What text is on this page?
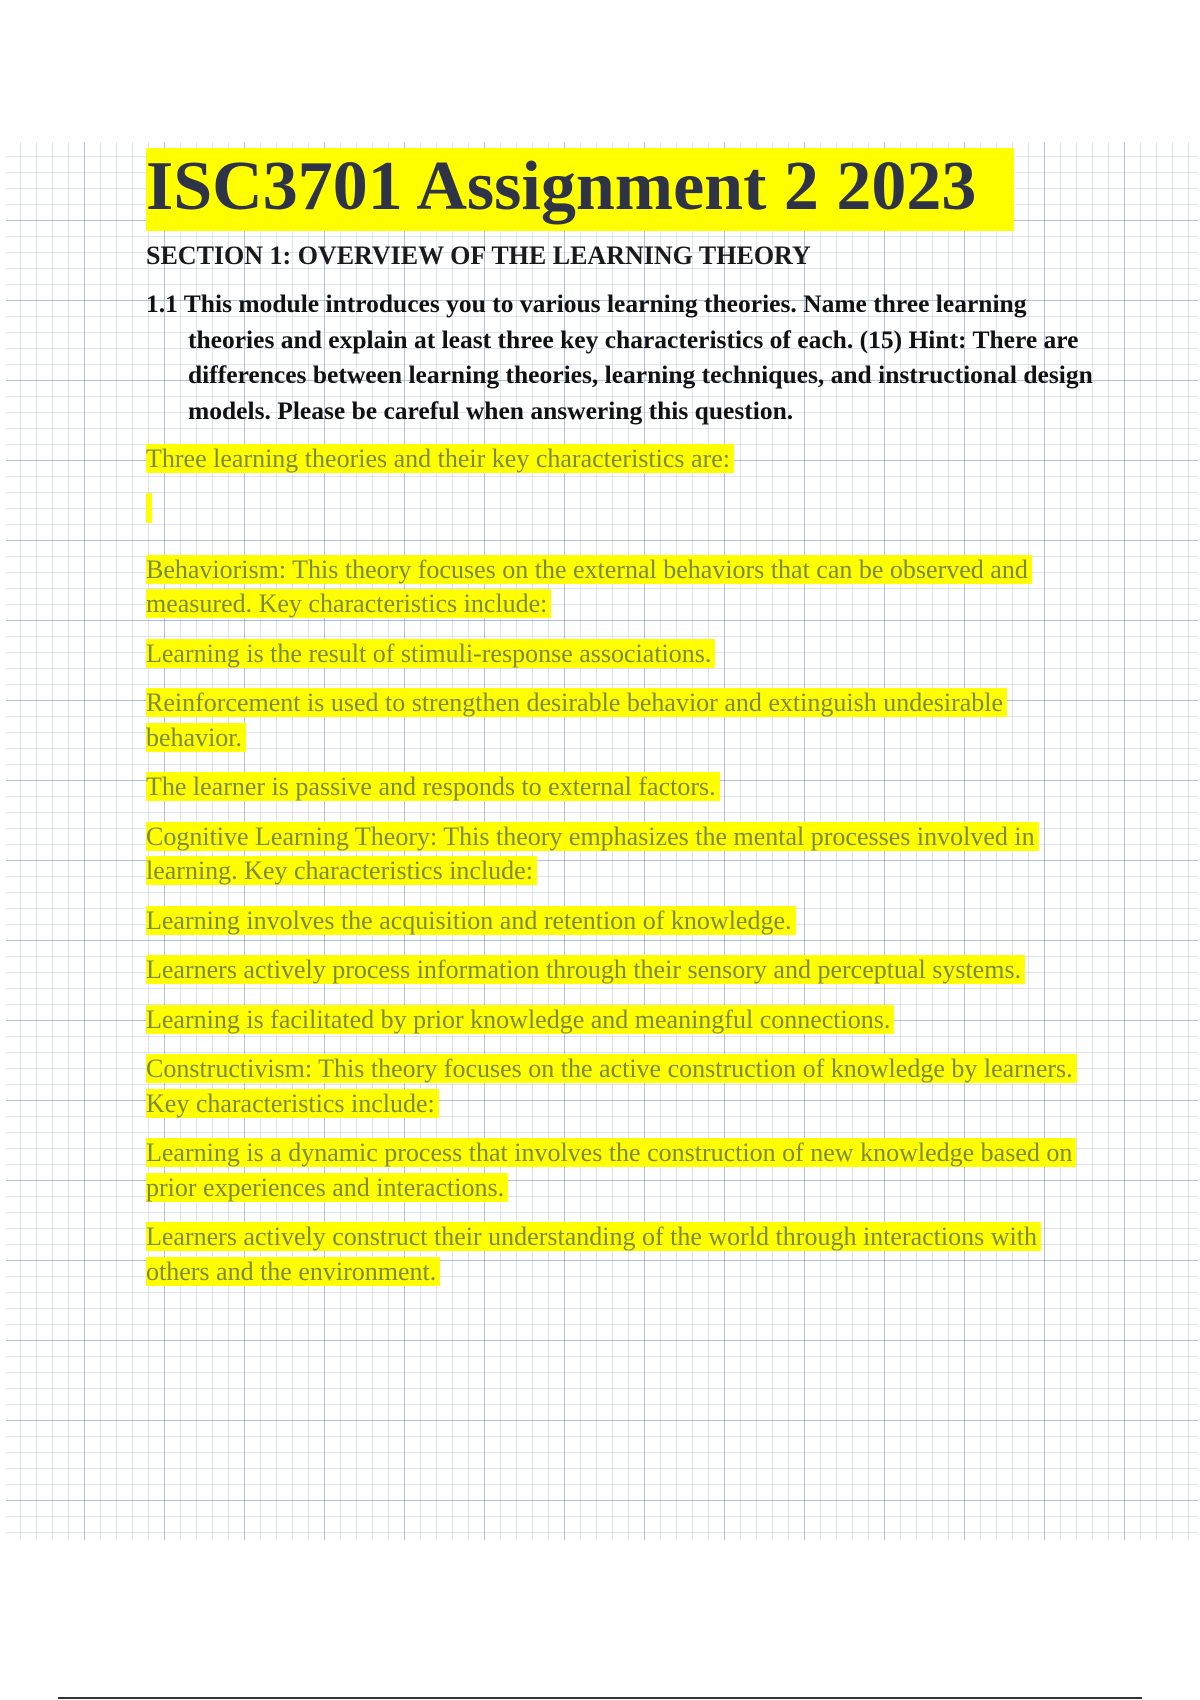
ISC3701 Assignment 2 2023

SECTION 1: OVERVIEW OF THE LEARNING THEORY

1.1 This module introduces you to various learning theories. Name three learning theories and explain at least three key characteristics of each. (15) Hint: There are differences between learning theories, learning techniques, and instructional design models. Please be careful when answering this question.

Three learning theories and their key characteristics are:

Behaviorism: This theory focuses on the external behaviors that can be observed and measured. Key characteristics include:

Learning is the result of stimuli-response associations.

Reinforcement is used to strengthen desirable behavior and extinguish undesirable behavior.

The learner is passive and responds to external factors.

Cognitive Learning Theory: This theory emphasizes the mental processes involved in learning. Key characteristics include:

Learning involves the acquisition and retention of knowledge.

Learners actively process information through their sensory and perceptual systems.

Learning is facilitated by prior knowledge and meaningful connections.

Constructivism: This theory focuses on the active construction of knowledge by learners. Key characteristics include:

Learning is a dynamic process that involves the construction of new knowledge based on prior experiences and interactions.

Learners actively construct their understanding of the world through interactions with others and the environment.
